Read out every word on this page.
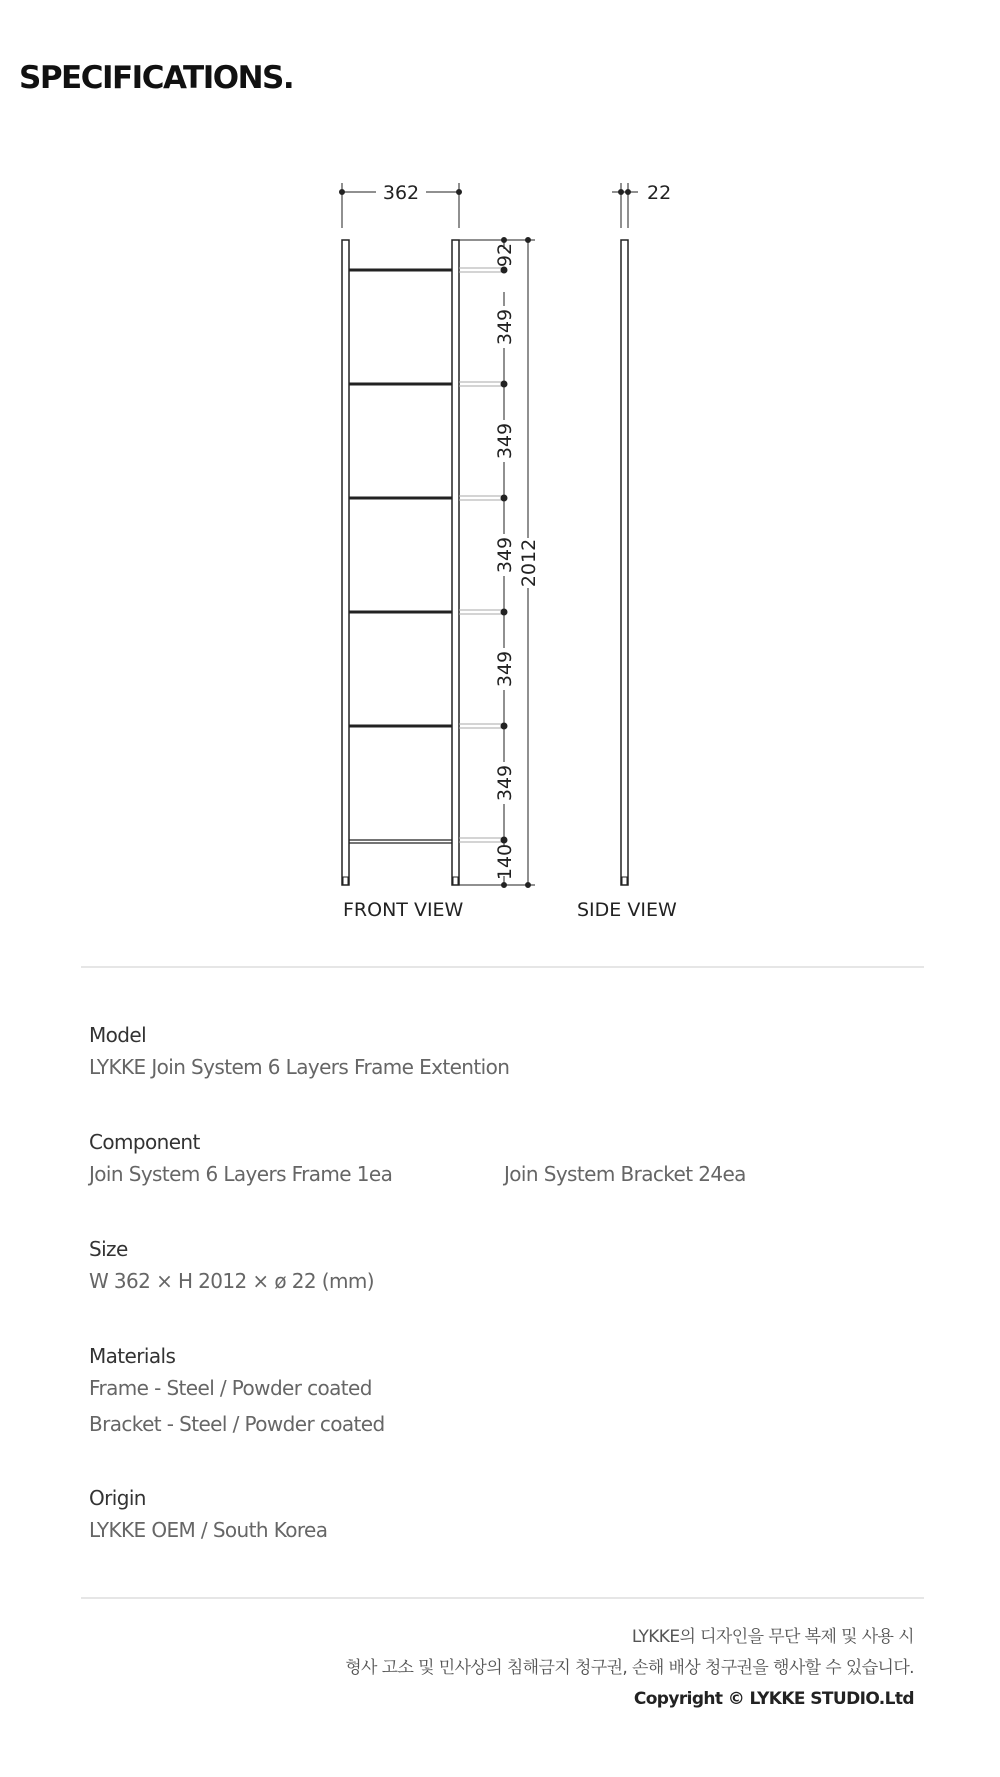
SPECIFICATIONS.
362
92
349
349
349
349
349
140
2012
22
FRONT VIEW	SIDE VIEW
Model
LYKKE Join System 6 Layers Frame Extention
Component
Join System 6 Layers Frame 1ea	Join System Bracket 24ea
Size
W 362 × H 2012 × ø 22 (mm)
Materials
Frame - Steel / Powder coated
Bracket - Steel / Powder coated
Origin
LYKKE OEM / South Korea
LYKKE의 디자인을 무단 복제 및 사용 시
형사 고소 및 민사상의 침해금지 청구권, 손해 배상 청구권을 행사할 수 있습니다.
Copyright © LYKKE STUDIO.Ltd
